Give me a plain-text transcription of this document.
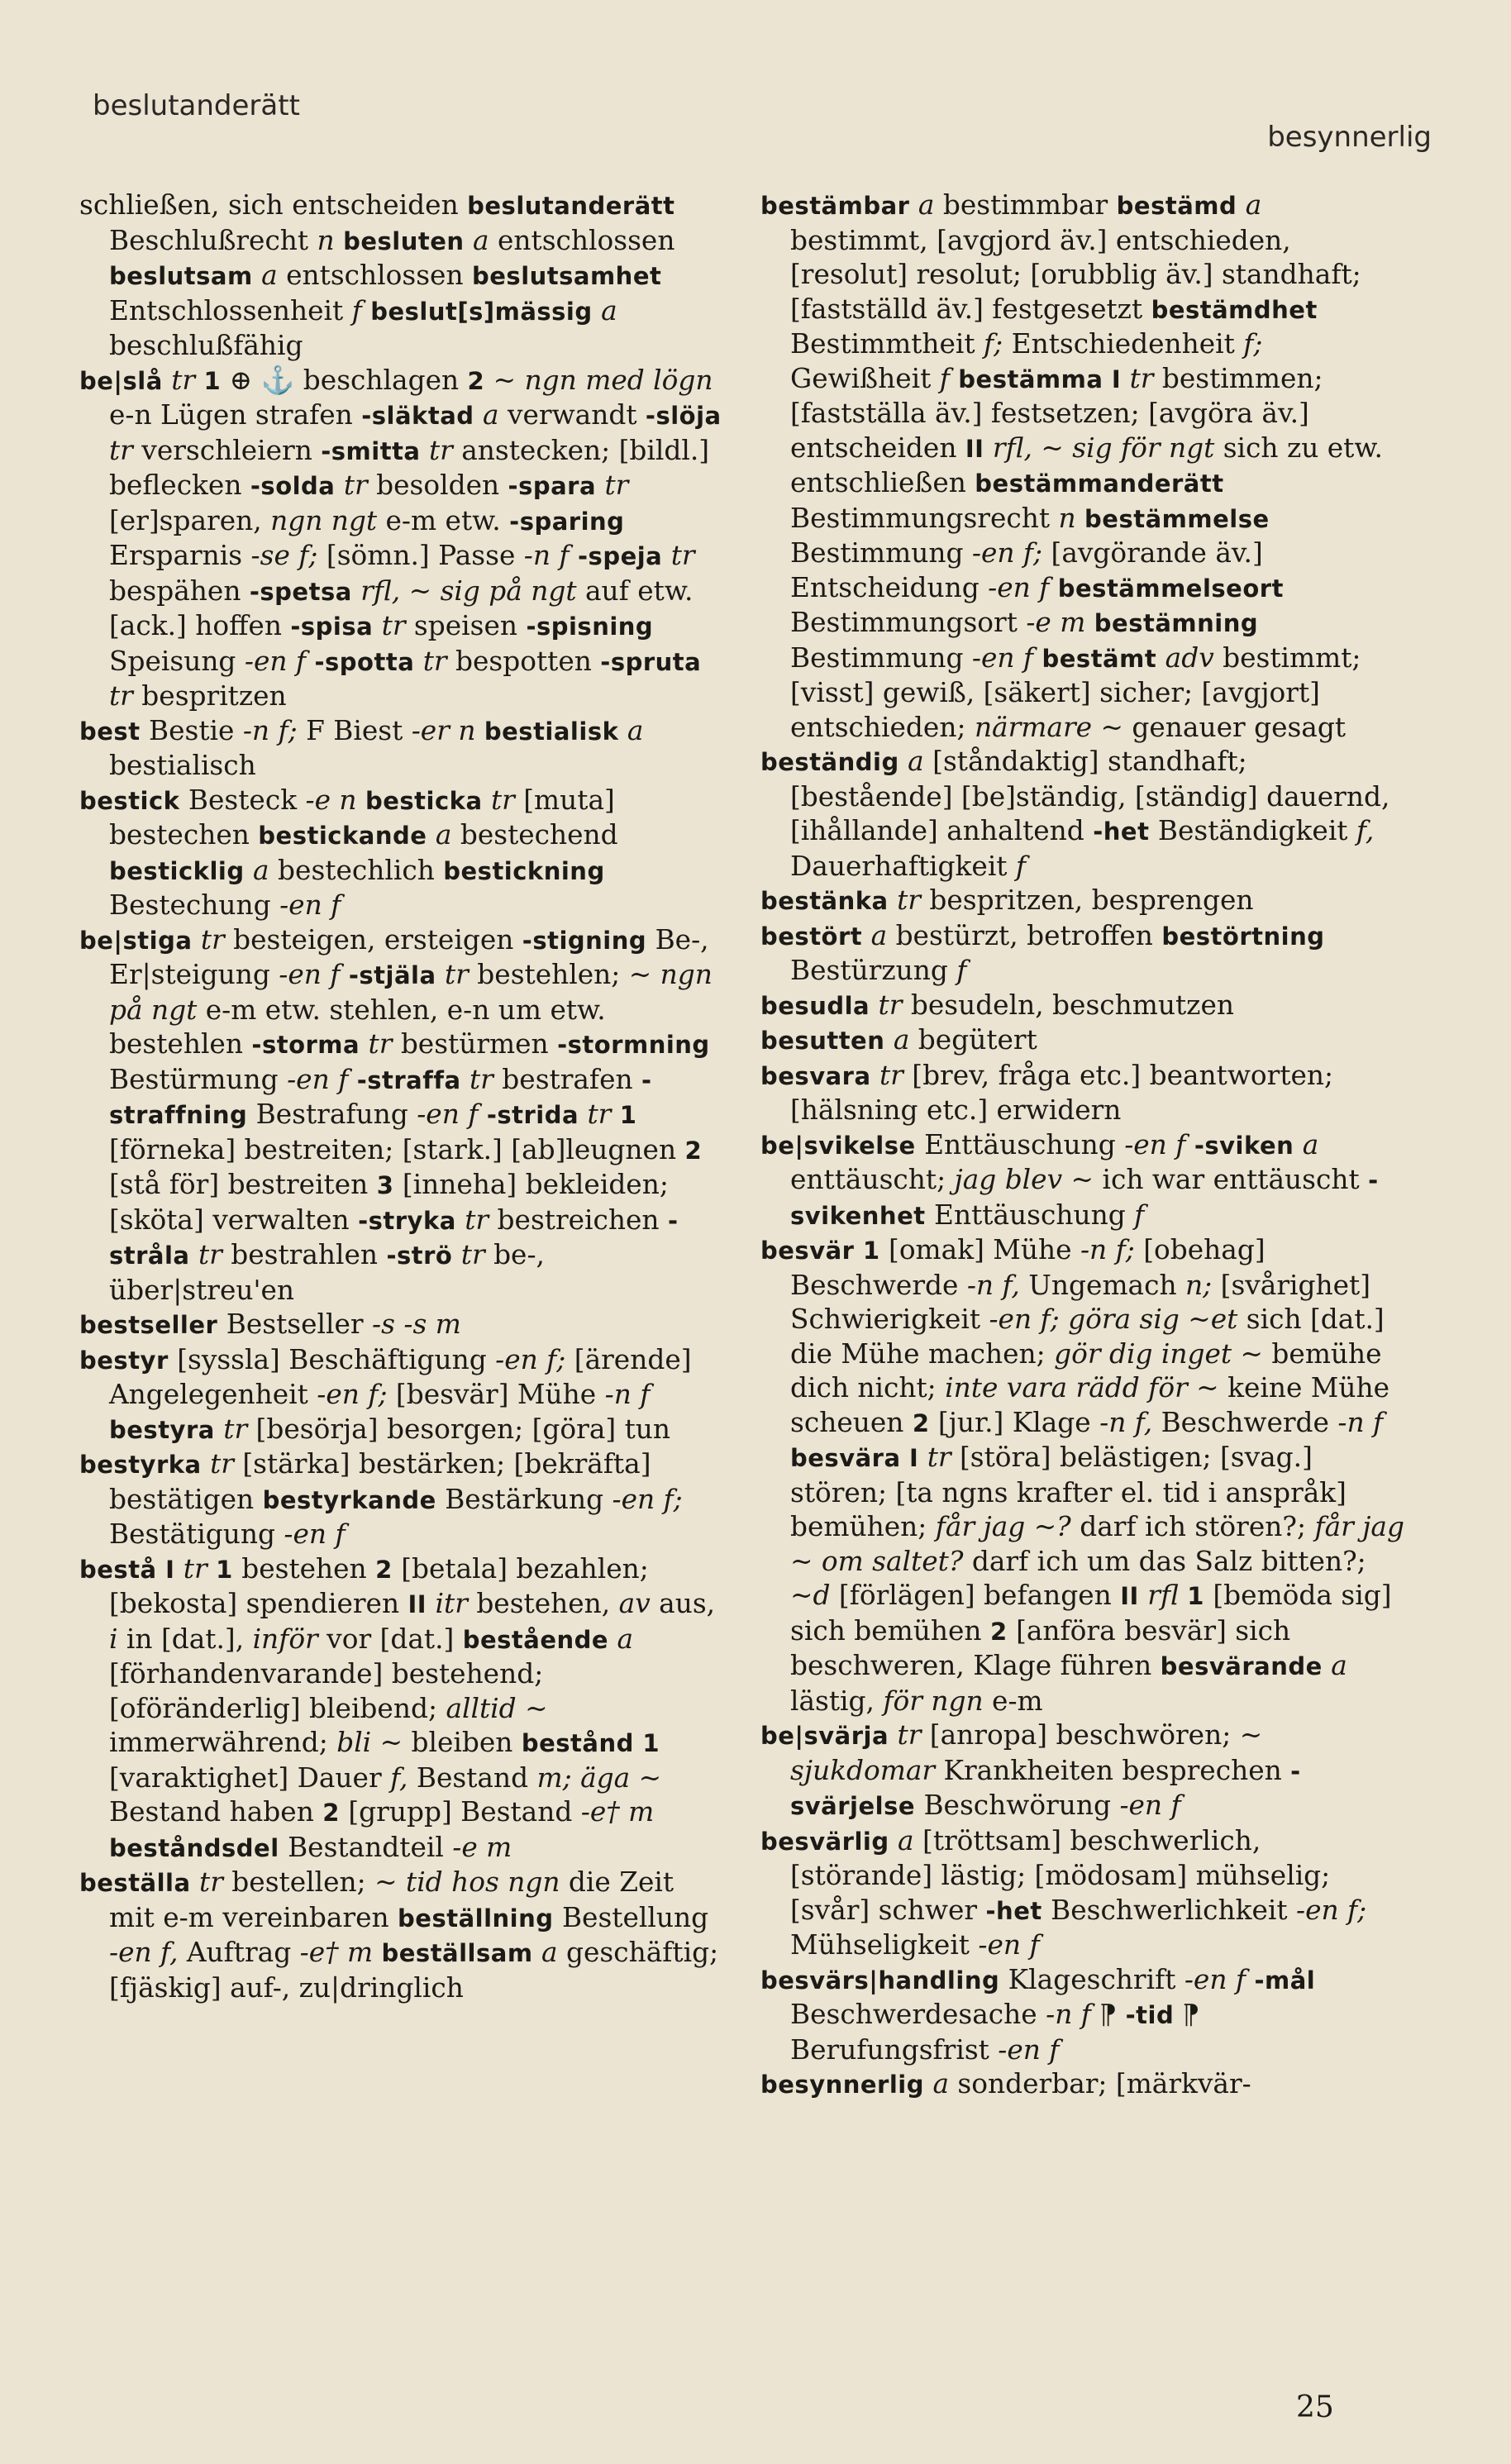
beslutanderätt
besynnerlig
schließen, sich entscheiden beslutanderätt Beschlußrecht n besluten a entschlossen beslutsam a entschlossen beslutsamhet Entschlossenheit f beslut[s]mässig a beschlußfähig
be|slå tr 1 ⊕ ⚓ beschlagen 2 ~ ngn med lögn e-n Lügen strafen -släktad a verwandt -slöja tr verschleiern -smitta tr anstecken; [bildl.] beflecken -solda tr besolden -spara tr [er]sparen, ngn ngt e-m etw. -sparing Ersparnis -se f; [sömn.] Passe -n f -speja tr bespähen -spetsa rfl, ~ sig på ngt auf etw. [ack.] hoffen -spisa tr speisen -spisning Speisung -en f -spotta tr bespotten -spruta tr bespritzen
best Bestie -n f; F Biest -er n bestialisk a bestialisch
bestick Besteck -e n besticka tr [muta] bestechen bestickande a bestechend besticklig a bestechlich bestickning Bestechung -en f
be|stiga tr besteigen, ersteigen -stigning Be-, Er|steigung -en f -stjäla tr bestehlen; ~ ngn på ngt e-m etw. stehlen, e-n um etw. bestehlen -storma tr bestürmen -stormning Bestürmung -en f -straffa tr bestrafen -straffning Bestrafung -en f -strida tr 1 [förneka] bestreiten; [stark.] [ab]leugnen 2 [stå för] bestreiten 3 [inneha] bekleiden; [sköta] verwalten -stryka tr bestreichen -stråla tr bestrahlen -strö tr be-, über|streu'en
bestseller Bestseller -s -s m
bestyr [syssla] Beschäftigung -en f; [ärende] Angelegenheit -en f; [besvär] Mühe -n f bestyra tr [besörja] besorgen; [göra] tun
bestyrka tr [stärka] bestärken; [bekräfta] bestätigen bestyrkande Bestärkung -en f; Bestätigung -en f
bestå I tr 1 bestehen 2 [betala] bezahlen; [bekosta] spendieren II itr bestehen, av aus, i in [dat.], inför vor [dat.] bestående a [förhandenvarande] bestehend; [oföränderlig] bleibend; alltid ~ immerwährend; bli ~ bleiben bestånd 1 [varaktighet] Dauer f, Bestand m; äga ~ Bestand haben 2 [grupp] Bestand -e† m beståndsdel Bestandteil -e m
beställa tr bestellen; ~ tid hos ngn die Zeit mit e-m vereinbaren beställning Bestellung -en f, Auftrag -e† m beställsam a geschäftig; [fjäskig] auf-, zu|dringlich
bestämbar a bestimmbar bestämd a bestimmt, [avgjord äv.] entschieden, [resolut] resolut; [orubblig äv.] standhaft; [fastställd äv.] festgesetzt bestämdhet Bestimmtheit f; Entschiedenheit f; Gewißheit f bestämma I tr bestimmen; [fastställa äv.] festsetzen; [avgöra äv.] entscheiden II rfl, ~ sig för ngt sich zu etw. entschließen bestämmanderätt Bestimmungsrecht n bestämmelse Bestimmung -en f; [avgörande äv.] Entscheidung -en f bestämmelseort Bestimmungsort -e m bestämning Bestimmung -en f bestämt adv bestimmt; [visst] gewiß, [säkert] sicher; [avgjort] entschieden; närmare ~ genauer gesagt
beständig a [ståndaktig] standhaft; [bestående] [be]ständig, [ständig] dauernd, [ihållande] anhaltend -het Beständigkeit f, Dauerhaftigkeit f
bestänka tr bespritzen, besprengen
bestört a bestürzt, betroffen bestörtning Bestürzung f
besudla tr besudeln, beschmutzen
besutten a begütert
besvara tr [brev, fråga etc.] beantworten; [hälsning etc.] erwidern
be|svikelse Enttäuschung -en f -sviken a enttäuscht; jag blev ~ ich war enttäuscht -svikenhet Enttäuschung f
besvär 1 [omak] Mühe -n f; [obehag] Beschwerde -n f, Ungemach n; [svårighet] Schwierigkeit -en f; göra sig ~et sich [dat.] die Mühe machen; gör dig inget ~ bemühe dich nicht; inte vara rädd för ~ keine Mühe scheuen 2 [jur.] Klage -n f, Beschwerde -n f besvära I tr [störa] belästigen; [svag.] stören; [ta ngns krafter el. tid i anspråk] bemühen; får jag ~? darf ich stören?; får jag ~ om saltet? darf ich um das Salz bitten?; ~d [förlägen] befangen II rfl 1 [bemöda sig] sich bemühen 2 [anföra besvär] sich beschweren, Klage führen besvärande a lästig, för ngn e-m
be|svärja tr [anropa] beschwören; ~ sjukdomar Krankheiten besprechen -svärjelse Beschwörung -en f
besvärlig a [tröttsam] beschwerlich, [störande] lästig; [mödosam] mühselig; [svår] schwer -het Beschwerlichkeit -en f; Mühseligkeit -en f
besvärs|handling Klageschrift -en f -mål Beschwerdesache -n f ⁋ -tid ⁋ Berufungsfrist -en f
besynnerlig a sonderbar; [märkvär-
25
